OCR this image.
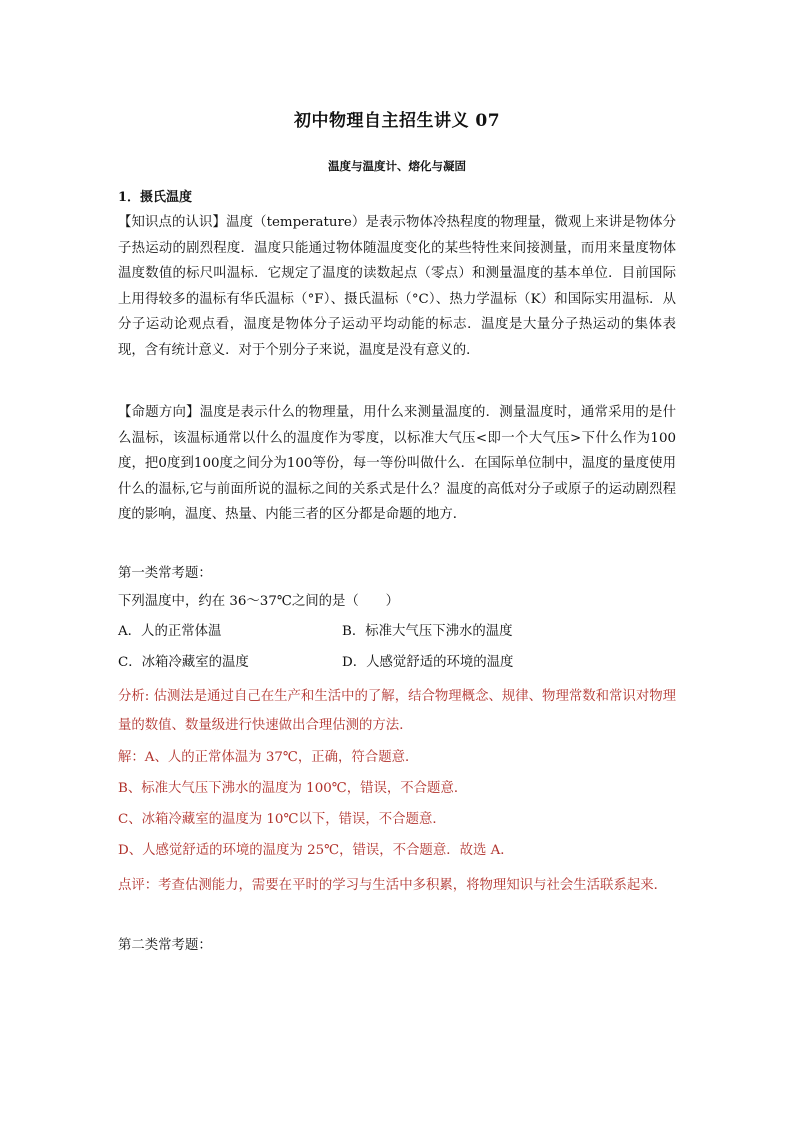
初中物理自主招生讲义 07
温度与温度计、熔化与凝固
1．摄氏温度
【知识点的认识】温度（temperature）是表示物体冷热程度的物理量，微观上来讲是物体分子热运动的剧烈程度．温度只能通过物体随温度变化的某些特性来间接测量，而用来量度物体温度数值的标尺叫温标．它规定了温度的读数起点（零点）和测量温度的基本单位．目前国际上用得较多的温标有华氏温标（°F）、摄氏温标（°C）、热力学温标（K）和国际实用温标．从分子运动论观点看，温度是物体分子运动平均动能的标志．温度是大量分子热运动的集体表现，含有统计意义．对于个别分子来说，温度是没有意义的．
【命题方向】温度是表示什么的物理量，用什么来测量温度的．测量温度时，通常采用的是什么温标，该温标通常以什么的温度作为零度，以标准大气压<即一个大气压>下什么作为100度，把0度到100度之间分为100等份，每一等份叫做什么．在国际单位制中，温度的量度使用什么的温标,它与前面所说的温标之间的关系式是什么？温度的高低对分子或原子的运动剧烈程度的影响，温度、热量、内能三者的区分都是命题的地方．
第一类常考题：
下列温度中，约在 36～37℃之间的是（　　）
A．人的正常体温	B．标准大气压下沸水的温度
C．冰箱冷藏室的温度	D．人感觉舒适的环境的温度
分析: 估测法是通过自己在生产和生活中的了解，结合物理概念、规律、物理常数和常识对物理量的数值、数量级进行快速做出合理估测的方法．
解：A、人的正常体温为 37℃，正确，符合题意．
B、标准大气压下沸水的温度为 100℃，错误，不合题意．
C、冰箱冷藏室的温度为 10℃以下，错误，不合题意．
D、人感觉舒适的环境的温度为 25℃，错误，不合题意．故选 A．
点评：考查估测能力，需要在平时的学习与生活中多积累，将物理知识与社会生活联系起来．
第二类常考题：
